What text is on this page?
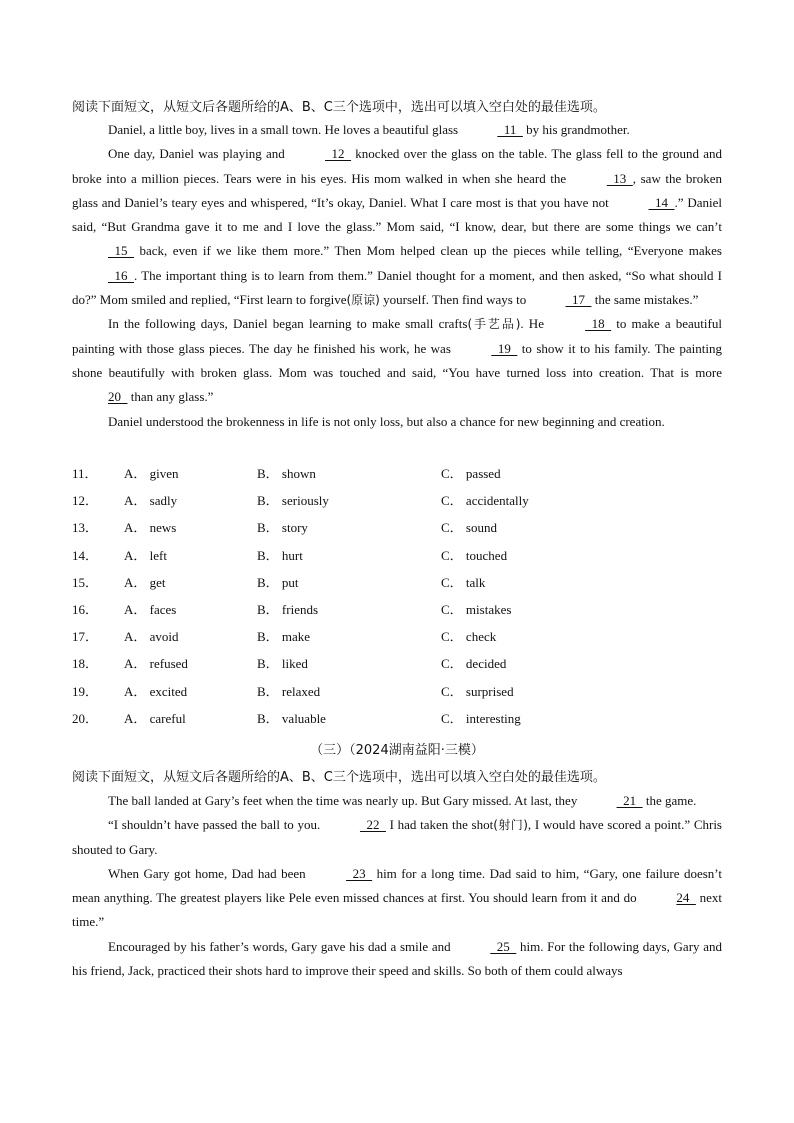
阅读下面短文，从短文后各题所给的A、B、C三个选项中，选出可以填入空白处的最佳选项。

Daniel, a little boy, lives in a small town. He loves a beautiful glass	11   by his grandmother.

One day, Daniel was playing and	12   knocked over the glass on the table. The glass fell to the ground and broke into a million pieces. Tears were in his eyes. His mom walked in when she heard the	13  , saw the broken glass and Daniel’s teary eyes and whispered, “It’s okay, Daniel. What I care most is that you have not	14  .” Daniel said, “But Grandma gave it to me and I love the glass.” Mom said, “I know, dear, but there are some things we can’t   15   back, even if we like them more.” Then Mom helped clean up the pieces while telling, “Everyone makes   16  . The important thing is to learn from them.” Daniel thought for a moment, and then asked, “So what should I do?” Mom smiled and replied, “First learn to forgive(原谅) yourself. Then find ways to	17   the same mistakes.”

In the following days, Daniel began learning to make small crafts(手艺品). He	18   to make a beautiful painting with those glass pieces. The day he finished his work, he was	19   to show it to his family. The painting shone beautifully with broken glass. Mom was touched and said, “You have turned loss into creation. That is more 20   than any glass.”

Daniel understood the brokenness in life is not only loss, but also a chance for new beginning and creation.

11． A． given	B． shown	C． passed
12． A． sadly	B． seriously	C． accidentally
13． A． news	B． story	C． sound
14． A． left	B． hurt	C． touched
15． A． get	B． put	C． talk
16． A． faces	B． friends	C． mistakes
17． A． avoid	B． make	C． check
18． A． refused	B． liked	C． decided
19． A． excited	B． relaxed	C． surprised
20． A． careful	B． valuable	C． interesting
（三）（2024湖南益阳·三模）
阅读下面短文，从短文后各题所给的A、B、C三个选项中，选出可以填入空白处的最佳选项。

The ball landed at Gary’s feet when the time was nearly up. But Gary missed. At last, they	21   the game.

“I shouldn’t have passed the ball to you.	22   I had taken the shot(射门), I would have scored a point.” Chris shouted to Gary.

When Gary got home, Dad had been	23   him for a long time. Dad said to him, “Gary, one failure doesn’t mean anything. The greatest players like Pele even missed chances at first. You should learn from it and do	24   next time.”

Encouraged by his father’s words, Gary gave his dad a smile and	25   him. For the following days, Gary and his friend, Jack, practiced their shots hard to improve their speed and skills. So both of them could always
